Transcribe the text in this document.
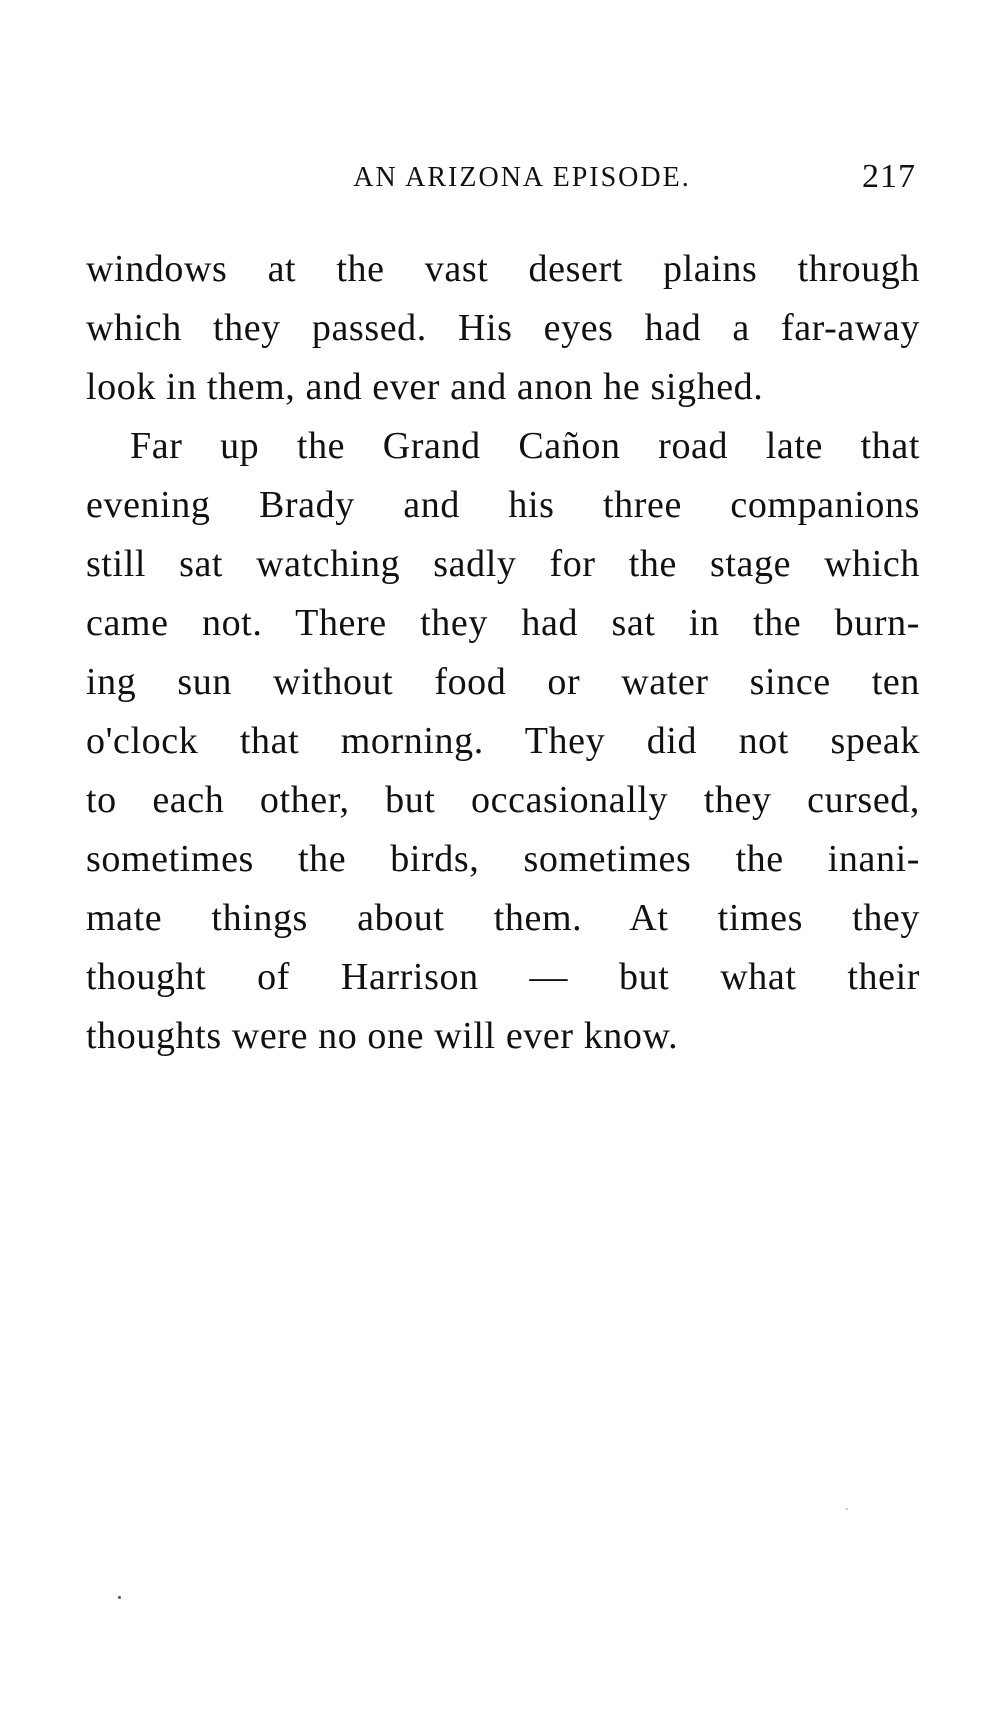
AN ARIZONA EPISODE.	217
windows at the vast desert plains through
which they passed. His eyes had a far-away
look in them, and ever and anon he sighed.
Far up the Grand Cañon road late that
evening Brady and his three companions
still sat watching sadly for the stage which
came not. There they had sat in the burn-
ing sun without food or water since ten
o'clock that morning. They did not speak
to each other, but occasionally they cursed,
sometimes the birds, sometimes the inani-
mate things about them. At times they
thought of Harrison — but what their
thoughts were no one will ever know.
